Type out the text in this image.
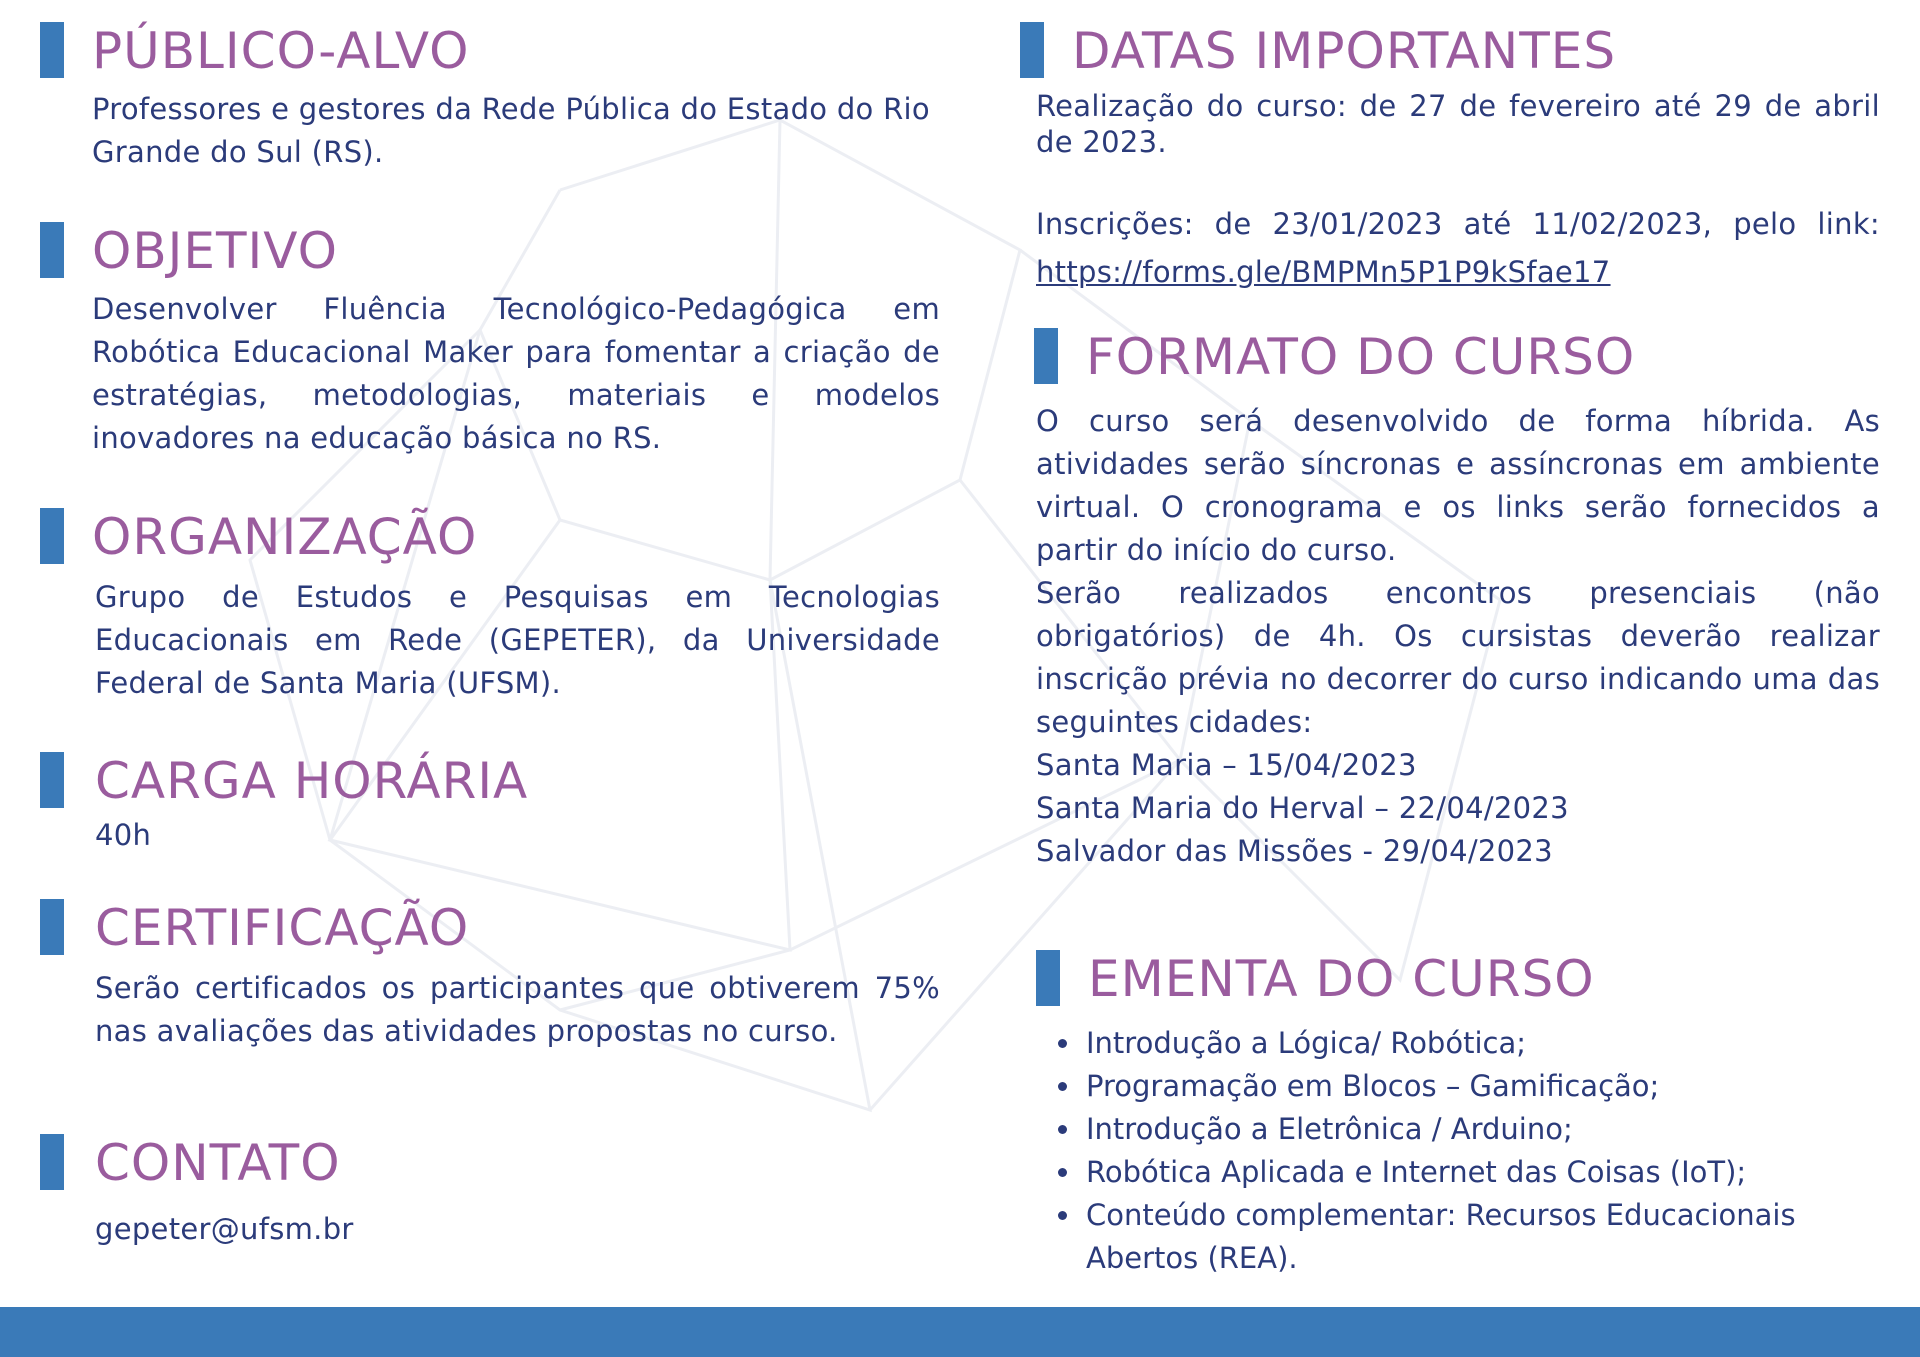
PÚBLICO-ALVO

Professores e gestores da Rede Pública do Estado do Rio Grande do Sul (RS).

OBJETIVO

Desenvolver Fluência Tecnológico-Pedagógica em Robótica Educacional Maker para fomentar a criação de estratégias, metodologias, materiais e modelos inovadores na educação básica no RS.

ORGANIZAÇÃO

Grupo de Estudos e Pesquisas em Tecnologias Educacionais em Rede (GEPETER), da Universidade Federal de Santa Maria (UFSM).

CARGA HORÁRIA

40h

CERTIFICAÇÃO

Serão certificados os participantes que obtiverem 75% nas avaliações das atividades propostas no curso.

CONTATO
gepeter@ufsm.br
DATAS IMPORTANTES

Realização do curso: de 27 de fevereiro até 29 de abril de 2023.

Inscrições: de 23/01/2023 até 11/02/2023, pelo link:

https://forms.gle/BMPMn5P1P9kSfae17

FORMATO DO CURSO

O curso será desenvolvido de forma híbrida. As atividades serão síncronas e assíncronas em ambiente virtual. O cronograma e os links serão fornecidos a partir do início do curso.

Serão realizados encontros presenciais (não obrigatórios) de 4h. Os cursistas deverão realizar inscrição prévia no decorrer do curso indicando uma das seguintes cidades:

Santa Maria – 15/04/2023

Santa Maria do Herval – 22/04/2023

Salvador das Missões - 29/04/2023

EMENTA DO CURSO
Introdução a Lógica/ Robótica;
Programação em Blocos – Gamificação;
Introdução a Eletrônica / Arduino;
Robótica Aplicada e Internet das Coisas (IoT);
Conteúdo complementar: Recursos Educacionais Abertos (REA).
